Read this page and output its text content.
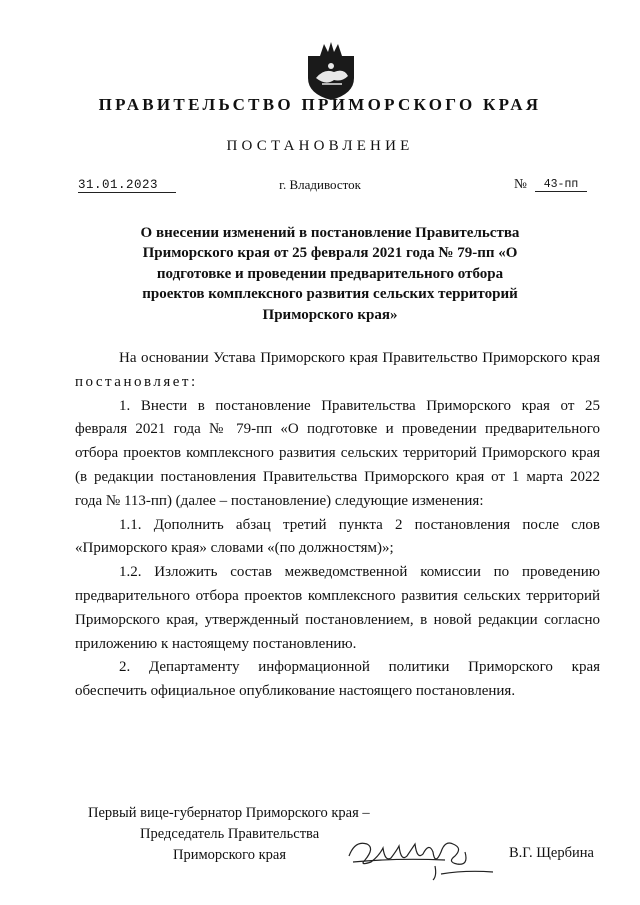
ПРАВИТЕЛЬСТВО ПРИМОРСКОГО КРАЯ
ПОСТАНОВЛЕНИЕ
31.01.2023	г. Владивосток	№	43-пп
О внесении изменений в постановление Правительства Приморского края от 25 февраля 2021 года № 79-пп «О подготовке и проведении предварительного отбора проектов комплексного развития сельских территорий Приморского края»

На основании Устава Приморского края Правительство Приморского края постановляет:

1. Внести в постановление Правительства Приморского края от 25 февраля 2021 года № 79-пп «О подготовке и проведении предварительного отбора проектов комплексного развития сельских территорий Приморского края (в редакции постановления Правительства Приморского края от 1 марта 2022 года № 113-пп) (далее – постановление) следующие изменения:

1.1. Дополнить абзац третий пункта 2 постановления после слов «Приморского края» словами «(по должностям)»;

1.2. Изложить состав межведомственной комиссии по проведению предварительного отбора проектов комплексного развития сельских территорий Приморского края, утвержденный постановлением, в новой редакции согласно приложению к настоящему постановлению.

2. Департаменту информационной политики Приморского края обеспечить официальное опубликование настоящего постановления.

Первый вице-губернатор Приморского края –
Председатель Правительства
Приморского края	В.Г. Щербина
